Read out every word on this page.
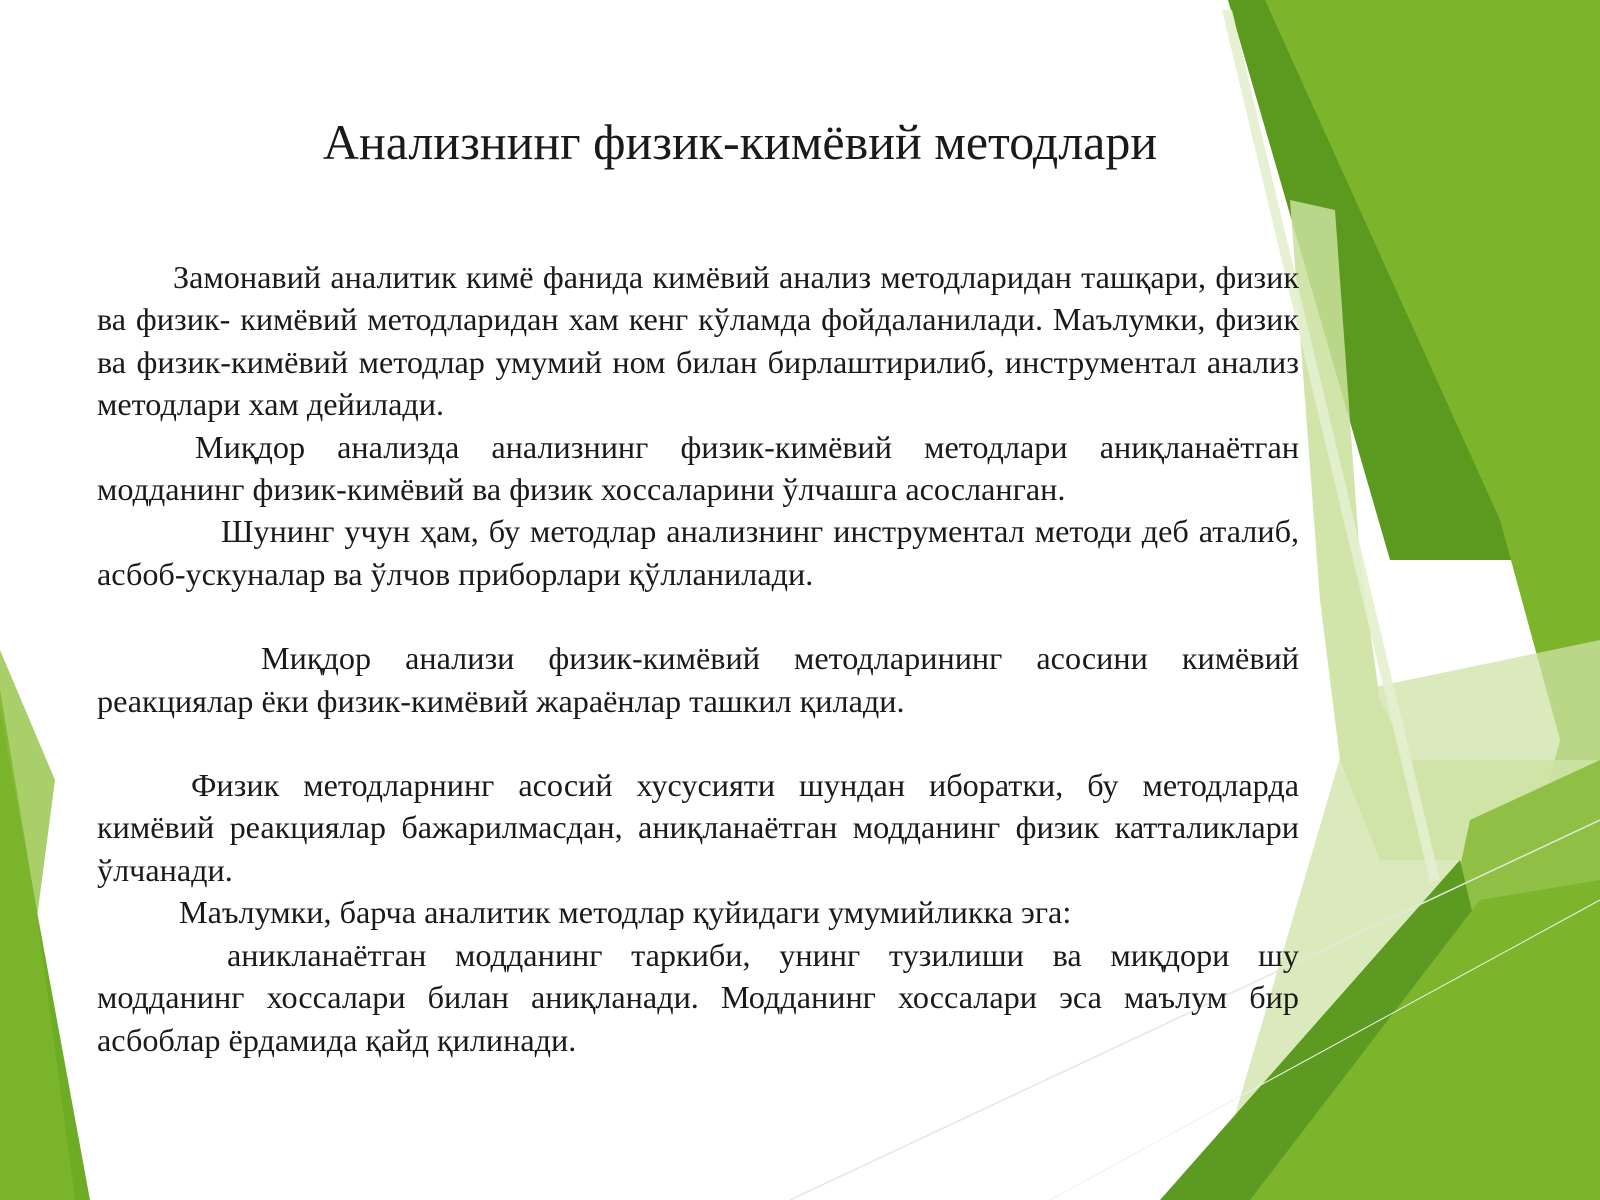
Анализнинг физик-кимёвий методлари

Замонавий аналитик кимё фанида кимёвий анализ методларидан ташқари, физик ва физик- кимёвий методларидан хам кенг кўламда фойдаланилади. Маълумки, физик ва физик-кимёвий методлар умумий ном билан бирлаштирилиб, инструментал анализ методлари хам дейилади.

Миқдор анализда анализнинг физик-кимёвий методлари аниқланаётган модданинг физик-кимёвий ва физик хоссаларини ўлчашга асосланган.

Шунинг учун ҳам, бу методлар анализнинг инструментал методи деб аталиб, асбоб-ускуналар ва ўлчов приборлари қўлланилади.

Миқдор анализи физик-кимёвий методларининг асосини кимёвий реакциялар ёки физик-кимёвий жараёнлар ташкил қилади.

Физик методларнинг асосий хусусияти шундан иборатки, бу методларда кимёвий реакциялар бажарилмасдан, аниқланаётган модданинг физик катталиклари ўлчанади.

Маълумки, барча аналитик методлар қуйидаги умумийликка эга:

аникланаётган модданинг таркиби, унинг тузилиши ва миқдори шу модданинг хоссалари билан аниқланади. Модданинг хоссалари эса маълум бир асбоблар ёрдамида қайд қилинади.
